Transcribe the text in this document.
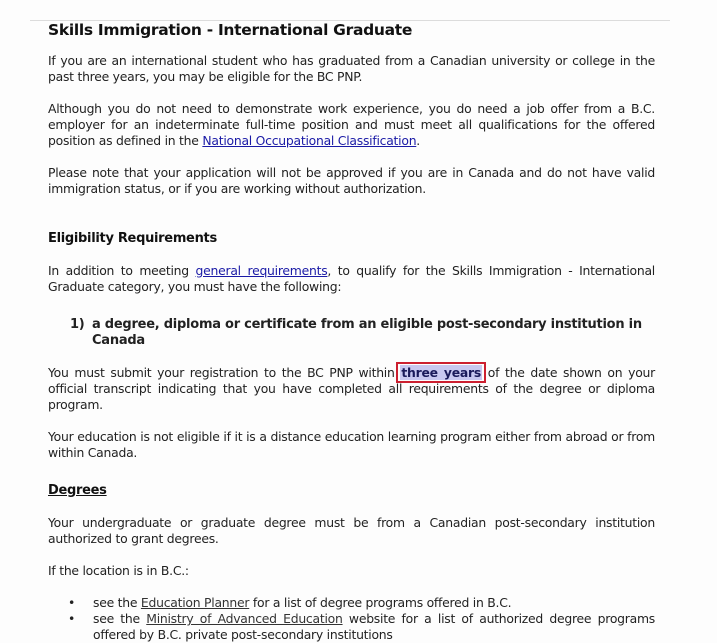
Skills Immigration - International Graduate

If you are an international student who has graduated from a Canadian university or college in the past three years, you may be eligible for the BC PNP.

Although you do not need to demonstrate work experience, you do need a job offer from a B.C. employer for an indeterminate full-time position and must meet all qualifications for the offered position as defined in the National Occupational Classification.

Please note that your application will not be approved if you are in Canada and do not have valid immigration status, or if you are working without authorization.

Eligibility Requirements

In addition to meeting general requirements, to qualify for the Skills Immigration - International Graduate category, you must have the following:

1) a degree, diploma or certificate from an eligible post-secondary institution in Canada

You must submit your registration to the BC PNP within three years
of the date shown on your official transcript indicating that you have completed all requirements of the degree or diploma program.

Your education is not eligible if it is a distance education learning program either from abroad or from within Canada.

Degrees

Your undergraduate or graduate degree must be from a Canadian post-secondary institution authorized to grant degrees.

If the location is in B.C.:

• see the Education Planner for a list of degree programs offered in B.C.
• see the Ministry of Advanced Education website for a list of authorized degree programs offered by B.C. private post-secondary institutions
